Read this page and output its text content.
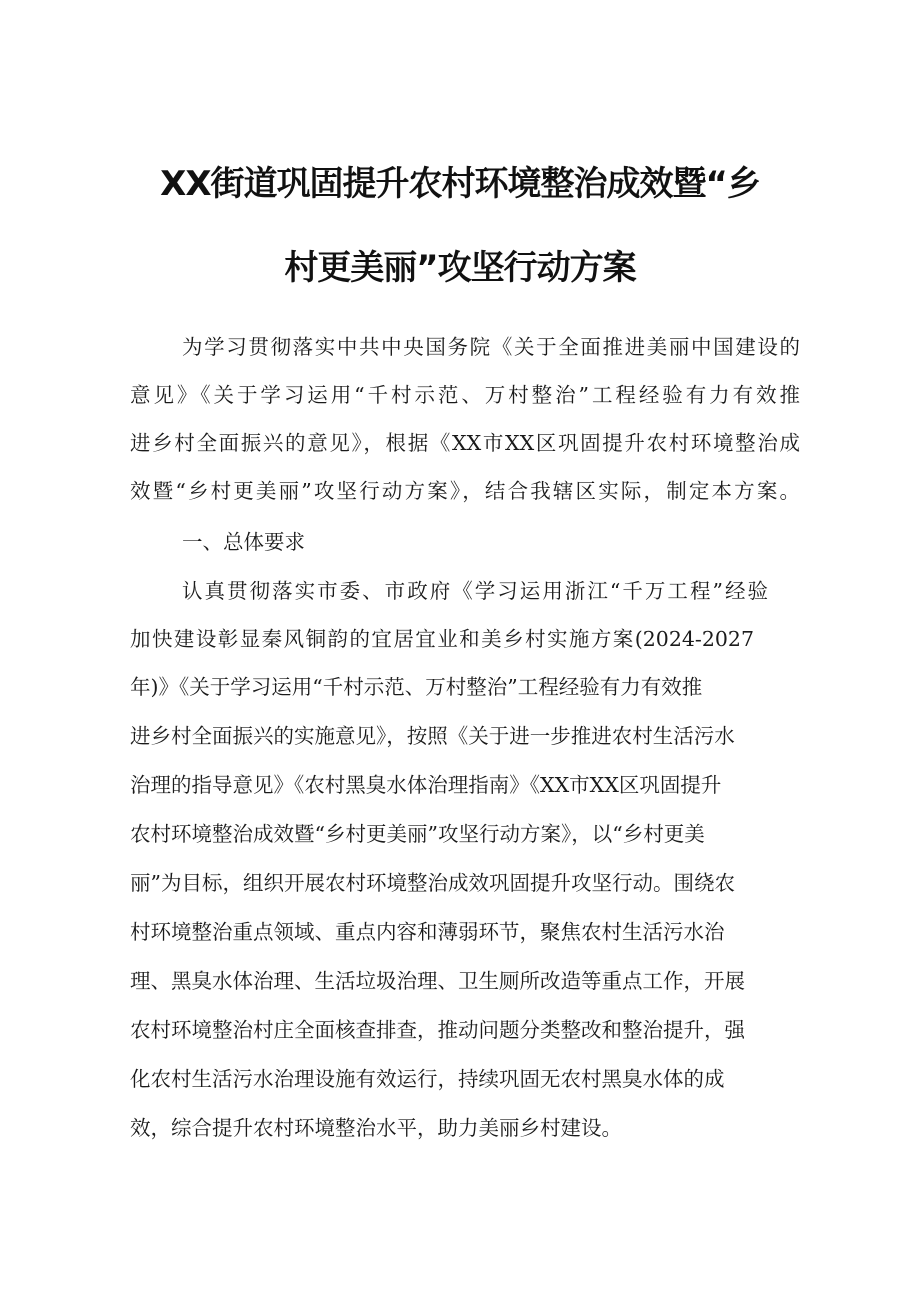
XX街道巩固提升农村环境整治成效暨“乡
村更美丽”攻坚行动方案
为学习贯彻落实中共中央国务院《关于全面推进美丽中国建设的
意见》《关于学习运用“千村示范、万村整治”工程经验有力有效推
进乡村全面振兴的意见》，根据《XX市XX区巩固提升农村环境整治成
效暨“乡村更美丽”攻坚行动方案》，结合我辖区实际，制定本方案。
一、总体要求
认真贯彻落实市委、市政府《学习运用浙江“千万工程”经验
加快建设彰显秦风铜韵的宜居宜业和美乡村实施方案(2024-2027
年)》《关于学习运用“千村示范、万村整治”工程经验有力有效推
进乡村全面振兴的实施意见》，按照《关于进一步推进农村生活污水
治理的指导意见》《农村黑臭水体治理指南》《XX市XX区巩固提升
农村环境整治成效暨“乡村更美丽”攻坚行动方案》，以“乡村更美
丽”为目标，组织开展农村环境整治成效巩固提升攻坚行动。围绕农
村环境整治重点领域、重点内容和薄弱环节，聚焦农村生活污水治
理、黑臭水体治理、生活垃圾治理、卫生厕所改造等重点工作，开展
农村环境整治村庄全面核查排查，推动问题分类整改和整治提升，强
化农村生活污水治理设施有效运行，持续巩固无农村黑臭水体的成
效，综合提升农村环境整治水平，助力美丽乡村建设。
